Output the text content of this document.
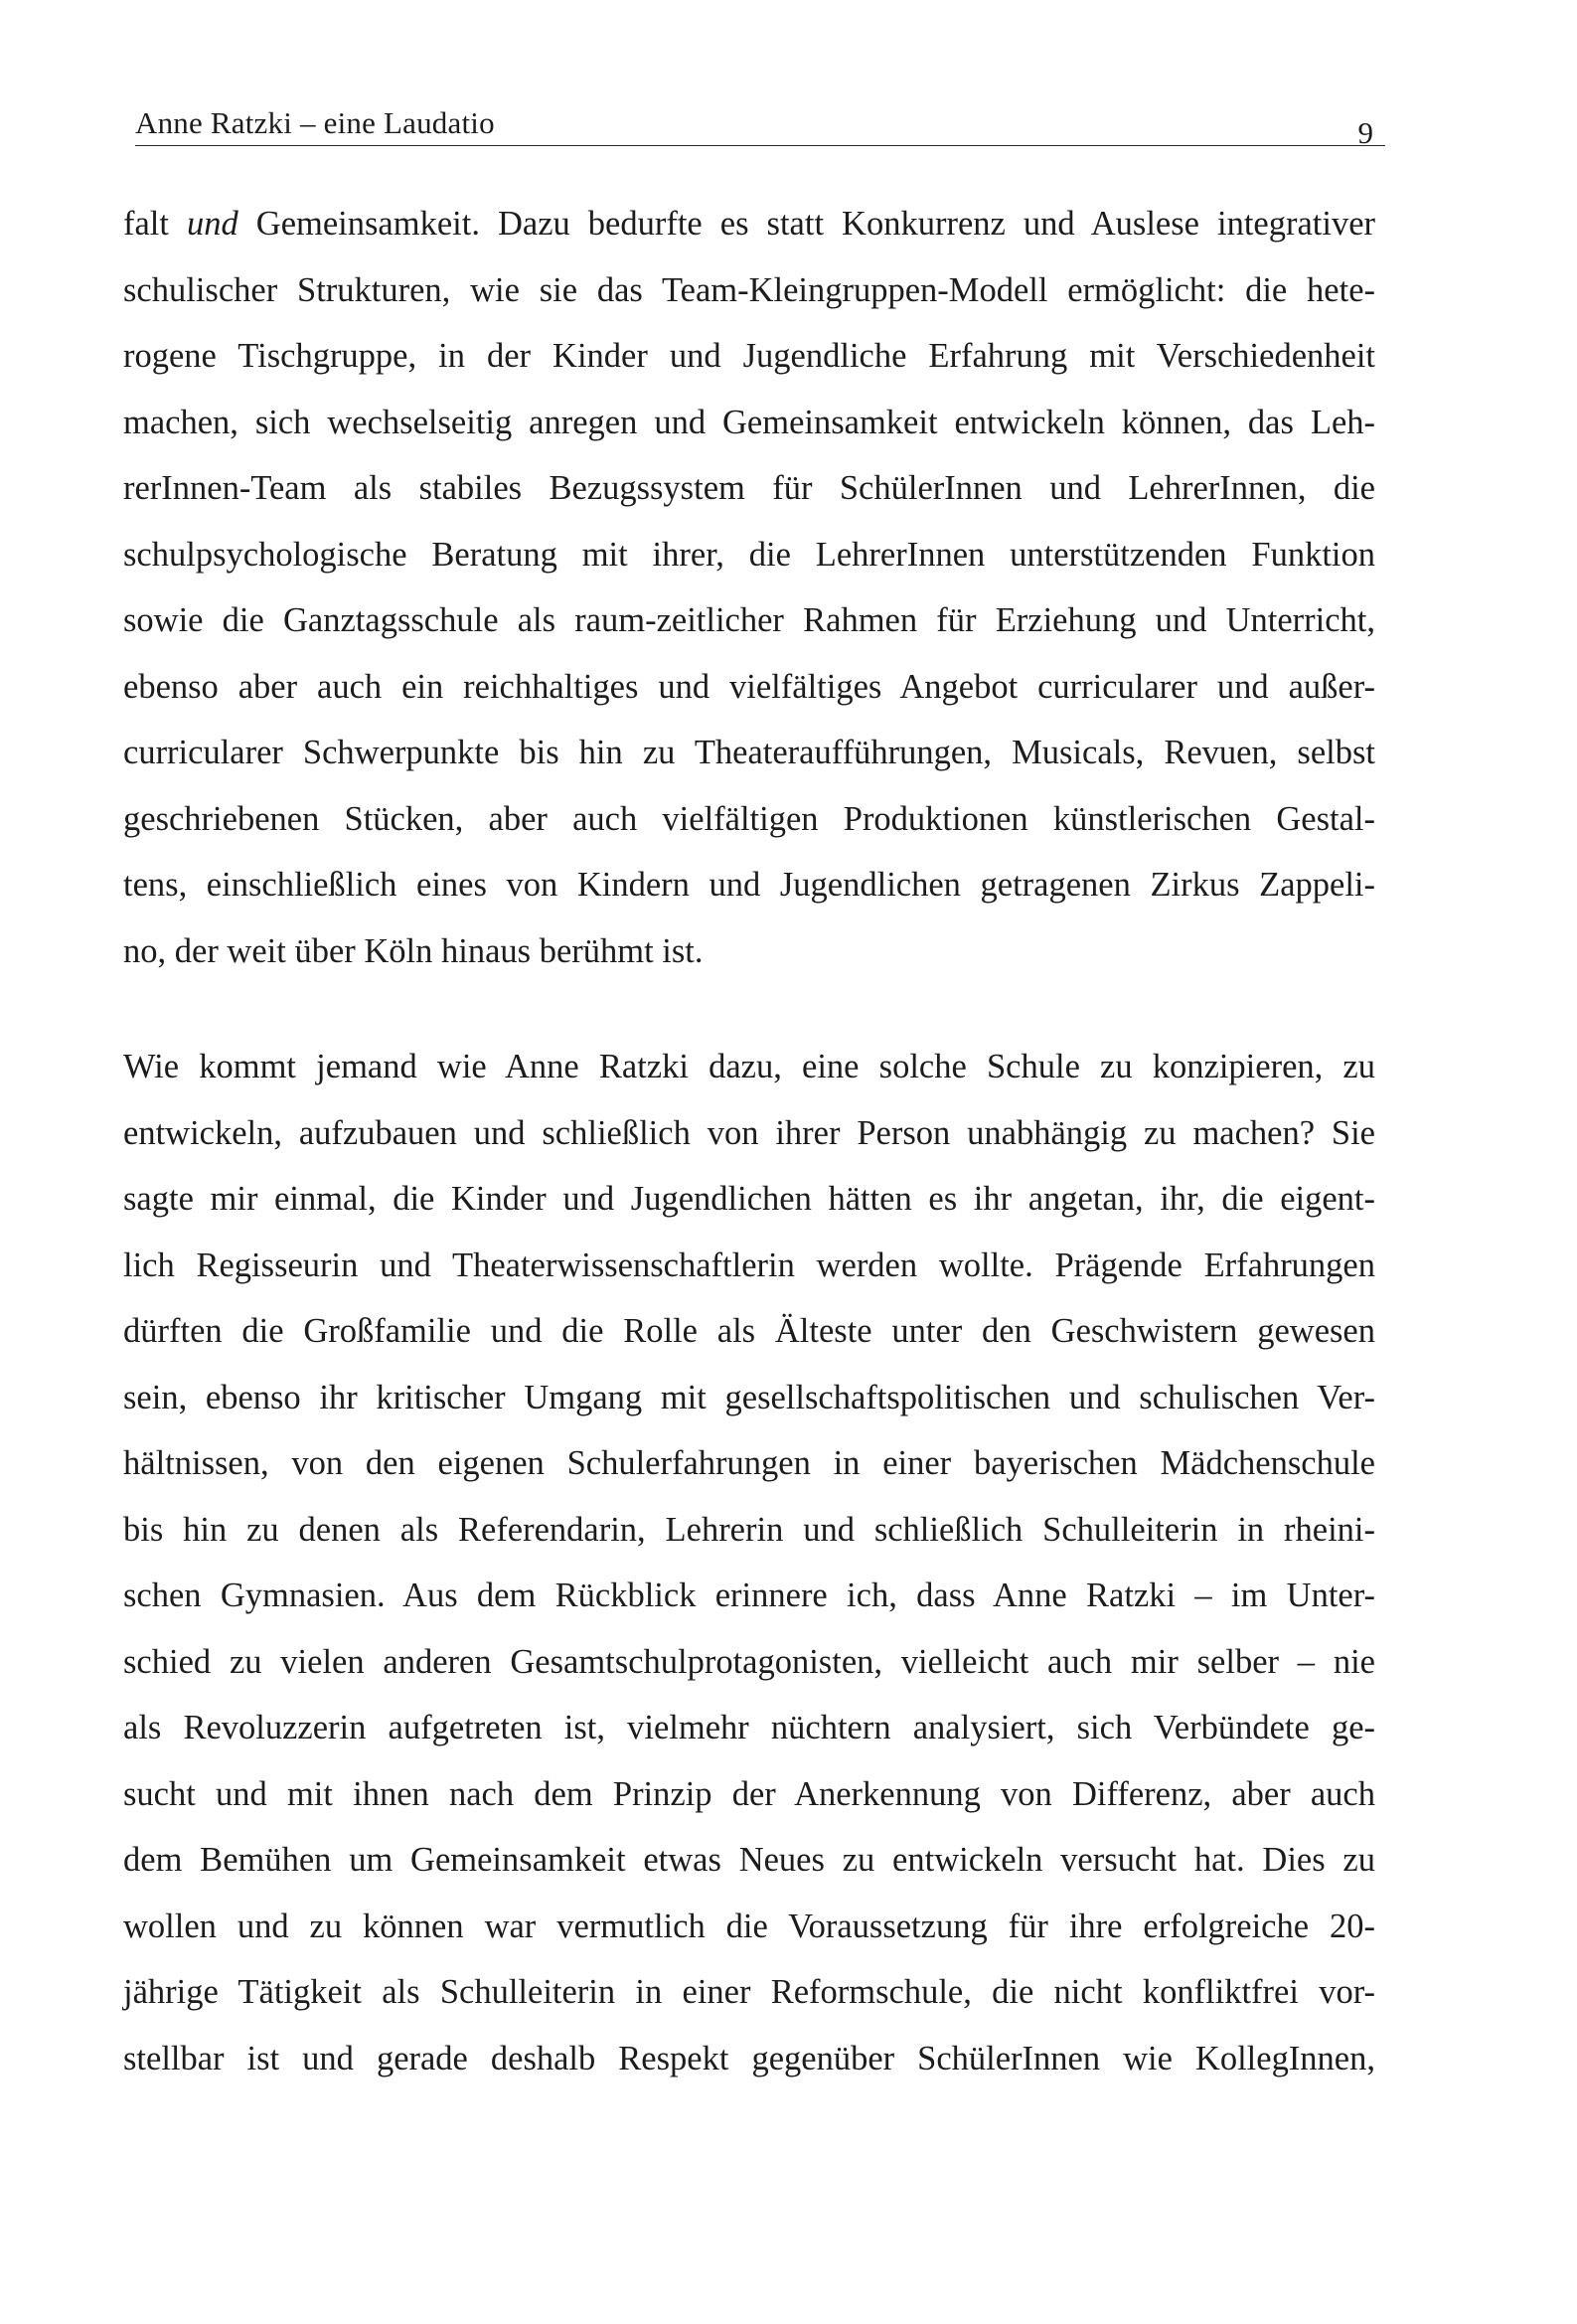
Anne Ratzki – eine Laudatio	9
falt und Gemeinsamkeit. Dazu bedurfte es statt Konkurrenz und Auslese integrativer
schulischer Strukturen, wie sie das Team-Kleingruppen-Modell ermöglicht: die hete-
rogene Tischgruppe, in der Kinder und Jugendliche Erfahrung mit Verschiedenheit
machen, sich wechselseitig anregen und Gemeinsamkeit entwickeln können, das Leh-
rerInnen-Team als stabiles Bezugssystem für SchülerInnen und LehrerInnen, die
schulpsychologische Beratung mit ihrer, die LehrerInnen unterstützenden Funktion
sowie die Ganztagsschule als raum-zeitlicher Rahmen für Erziehung und Unterricht,
ebenso aber auch ein reichhaltiges und vielfältiges Angebot curricularer und außer-
curricularer Schwerpunkte bis hin zu Theateraufführungen, Musicals, Revuen, selbst
geschriebenen Stücken, aber auch vielfältigen Produktionen künstlerischen Gestal-
tens, einschließlich eines von Kindern und Jugendlichen getragenen Zirkus Zappeli-
no, der weit über Köln hinaus berühmt ist.
Wie kommt jemand wie Anne Ratzki dazu, eine solche Schule zu konzipieren, zu
entwickeln, aufzubauen und schließlich von ihrer Person unabhängig zu machen? Sie
sagte mir einmal, die Kinder und Jugendlichen hätten es ihr angetan, ihr, die eigent-
lich Regisseurin und Theaterwissenschaftlerin werden wollte. Prägende Erfahrungen
dürften die Großfamilie und die Rolle als Älteste unter den Geschwistern gewesen
sein, ebenso ihr kritischer Umgang mit gesellschaftspolitischen und schulischen Ver-
hältnissen, von den eigenen Schulerfahrungen in einer bayerischen Mädchenschule
bis hin zu denen als Referendarin, Lehrerin und schließlich Schulleiterin in rheini-
schen Gymnasien. Aus dem Rückblick erinnere ich, dass Anne Ratzki – im Unter-
schied zu vielen anderen Gesamtschulprotagonisten, vielleicht auch mir selber – nie
als Revoluzzerin aufgetreten ist, vielmehr nüchtern analysiert, sich Verbündete ge-
sucht und mit ihnen nach dem Prinzip der Anerkennung von Differenz, aber auch
dem Bemühen um Gemeinsamkeit etwas Neues zu entwickeln versucht hat. Dies zu
wollen und zu können war vermutlich die Voraussetzung für ihre erfolgreiche 20-
jährige Tätigkeit als Schulleiterin in einer Reformschule, die nicht konfliktfrei vor-
stellbar ist und gerade deshalb Respekt gegenüber SchülerInnen wie KollegInnen,
